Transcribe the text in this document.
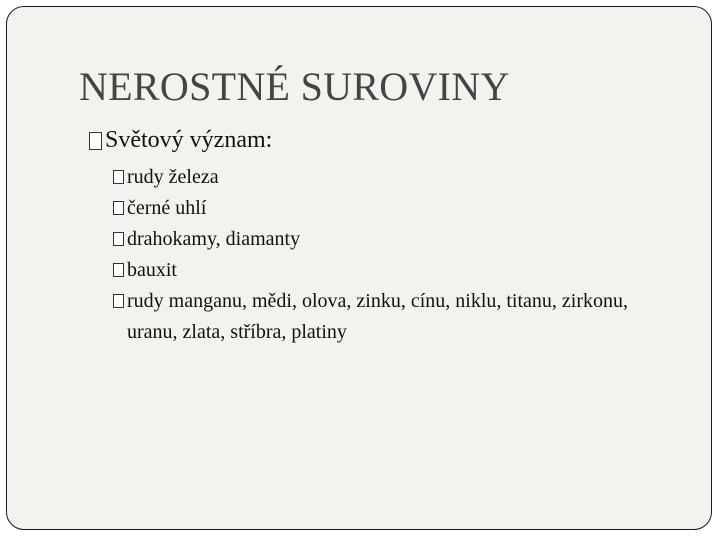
NEROSTNÉ SUROVINY
Světový význam:
rudy železa
černé uhlí
drahokamy, diamanty
bauxit
rudy manganu, mědi, olova, zinku, cínu, niklu, titanu, zirkonu, uranu, zlata, stříbra, platiny
